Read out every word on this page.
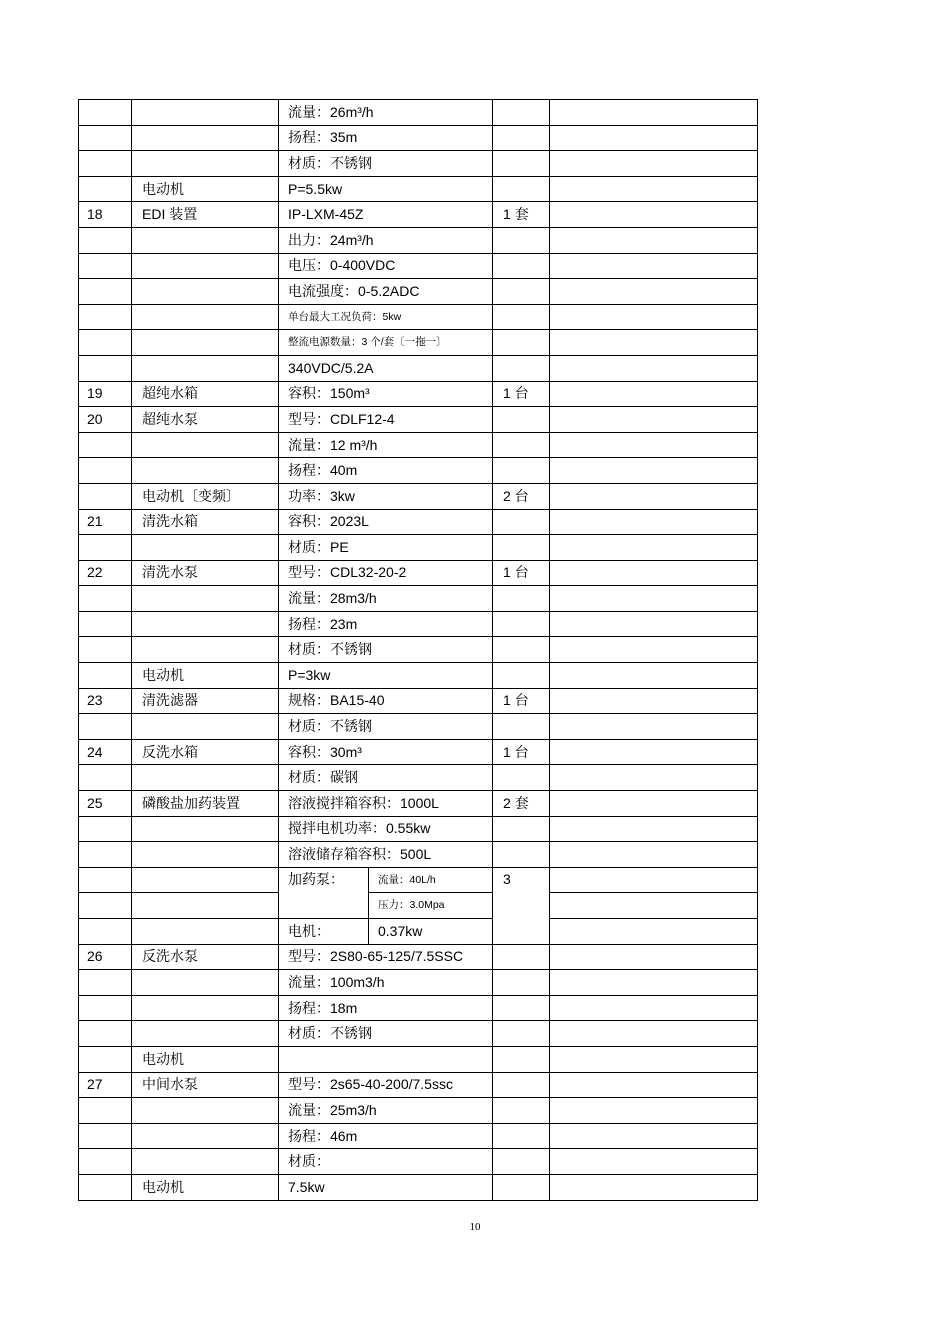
		流量：26m³/h			
		扬程：35m			
		材质：不锈钢			
	电动机	P=5.5kw			
18	EDI 装置	IP-LXM-45Z		1 套	
		出力：24m³/h			
		电压：0-400VDC			
		电流强度：0-5.2ADC			
		单台最大工况负荷：5kw			
		整流电源数量：3 个/套〔一拖一〕			
		340VDC/5.2A			
19	超纯水箱	容积：150m³		1 台	
20	超纯水泵	型号：CDLF12-4			
		流量：12 m³/h			
		扬程：40m			
	电动机〔变频〕	功率：3kw		2 台	
21	清洗水箱	容积：2023L			
		材质：PE			
22	清洗水泵	型号：CDL32-20-2		1 台	
		流量：28m3/h			
		扬程：23m			
		材质：不锈钢			
	电动机	P=3kw			
23	清洗滤器	规格：BA15-40		1 台	
		材质：不锈钢			
24	反洗水箱	容积：30m³		1 台	
		材质：碳钢			
25	磷酸盐加药装置	溶液搅拌箱容积：1000L		2 套	
		搅拌电机功率：0.55kw			
		溶液储存箱容积：500L			
		加药泵：	流量：40L/h	3	
			压力：3.0Mpa		
		电机：	0.37kw		
26	反洗水泵	型号：2S80-65-125/7.5SSC			
		流量：100m3/h			
		扬程：18m			
		材质：不锈钢			
	电动机				
27	中间水泵	型号：2s65-40-200/7.5ssc			
		流量：25m3/h			
		扬程：46m			
		材质：			
	电动机	7.5kw			
10
